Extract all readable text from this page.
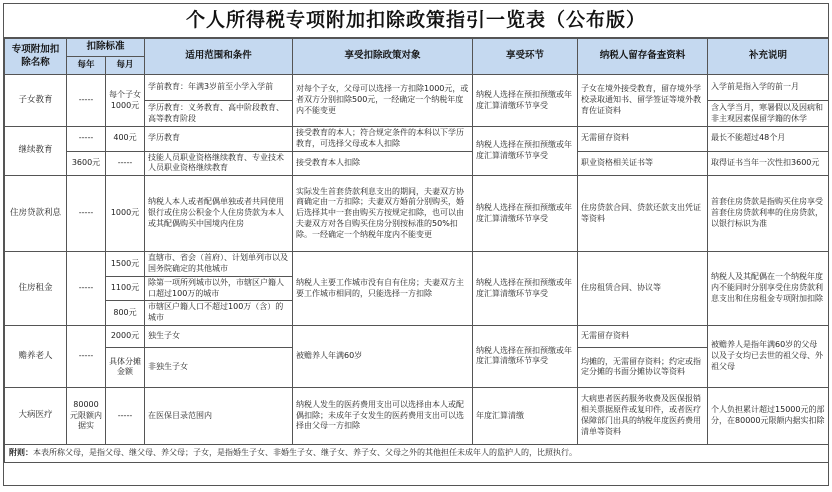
个人所得税专项附加扣除政策指引一览表（公布版）
专项附加扣除名称	扣除标准		适用范围和条件	享受扣除政策对象	享受环节	纳税人留存备查资料	补充说明
	每年	每月					
子女教育	-----	每个子女1000元	学前教育：年满3岁前至小学入学前	对每个子女，父母可以选择一方扣除1000元，或者双方分别扣除500元，一经确定一个纳税年度内不能变更	纳税人选择在预扣预缴或年度汇算清缴环节享受	子女在境外接受教育，留存境外学校录取通知书、留学签证等境外教育佐证资料	入学前是指入学的前一月
			学历教育：义务教育、高中阶段教育、高等教育阶段				含入学当月，寒暑假以及因病和非主观因素保留学籍的休学
继续教育	-----	400元	学历教育	接受教育的本人；符合规定条件的本科以下学历教育，可选择父母或本人扣除	纳税人选择在预扣预缴或年度汇算清缴环节享受	无需留存资料	最长不能超过48个月
	3600元	-----	技能人员职业资格继续教育、专业技术人员职业资格继续教育	接受教育本人扣除		职业资格相关证书等	取得证书当年一次性扣3600元
住房贷款利息	-----	1000元	纳税人本人或者配偶单独或者共同使用银行或住房公积金个人住房贷款为本人或其配偶购买中国境内住房	实际发生首套贷款利息支出的期间，夫妻双方协商确定由一方扣除；夫妻双方婚前分别购买，婚后选择其中一套由购买方按规定扣除，也可以由夫妻双方对各自购买住房分别按标准的50%扣除。一经确定一个纳税年度内不能变更	纳税人选择在预扣预缴或年度汇算清缴环节享受	住房贷款合同、贷款还款支出凭证等资料	首套住房贷款是指购买住房享受首套住房贷款利率的住房贷款，以银行标识为准
住房租金	-----	1500元	直辖市、省会（首府）、计划单列市以及国务院确定的其他城市	纳税人主要工作城市没有自有住房；夫妻双方主要工作城市相同的，只能选择一方扣除	纳税人选择在预扣预缴或年度汇算清缴环节享受	住房租赁合同、协议等	纳税人及其配偶在一个纳税年度内不能同时分别享受住房贷款利息支出和住房租金专项附加扣除
		1100元	除第一项所列城市以外，市辖区户籍人口超过100万的城市				
		800元	市辖区户籍人口不超过100万（含）的城市				
赡养老人	-----	2000元	独生子女	被赡养人年满60岁	纳税人选择在预扣预缴或年度汇算清缴环节享受	无需留存资料	被赡养人是指年满60岁的父母以及子女均已去世的祖父母、外祖父母
		具体分摊金额	非独生子女			均摊的，无需留存资料；约定或指定分摊的书面分摊协议等资料	
大病医疗	80000元限额内据实	-----	在医保目录范围内	纳税人发生的医药费用支出可以选择由本人或配偶扣除；未成年子女发生的医药费用支出可以选择由父母一方扣除	年度汇算清缴	大病患者医药服务收费及医保报销相关票据原件或复印件，或者医疗保障部门出具的纳税年度医药费用清单等资料	个人负担累计超过15000元的部分，在80000元限额内据实扣除
附则：本表所称父母，是指父母、继父母、养父母；子女，是指婚生子女、非婚生子女、继子女、养子女、父母之外的其他担任未成年人的监护人的，比照执行。							
